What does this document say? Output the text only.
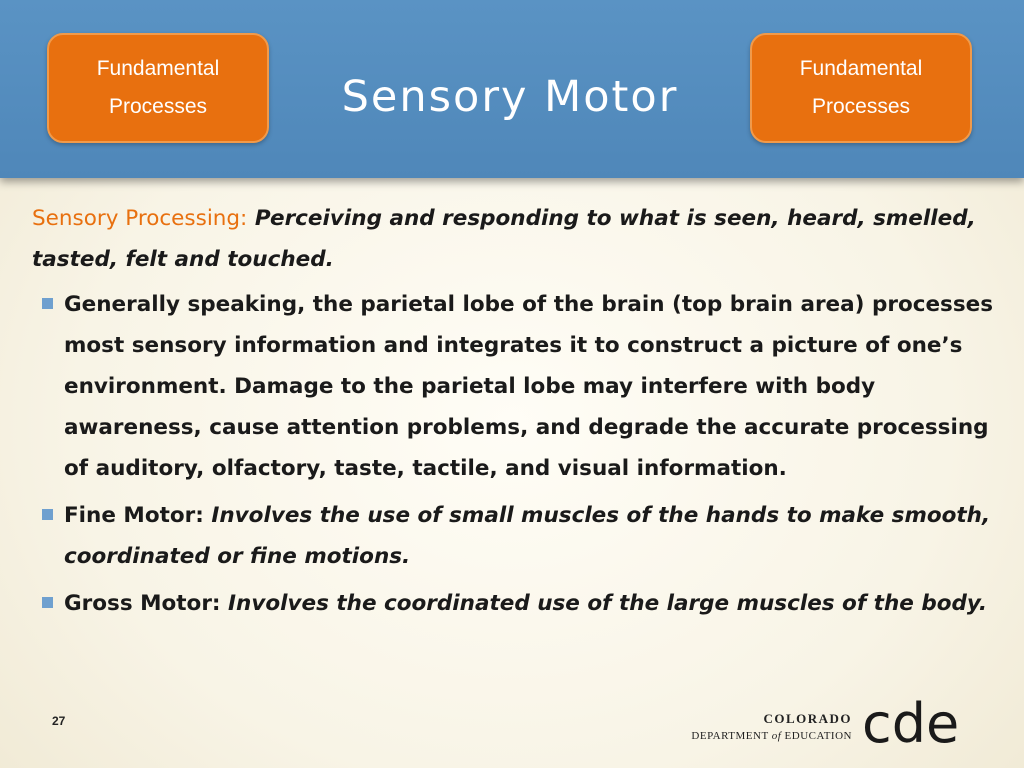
Fundamental
Processes	Sensory Motor
Fundamental
Processes

Sensory Processing: Perceiving and responding to what is seen, heard, smelled, tasted, felt and touched.

Generally speaking, the parietal lobe of the brain (top brain area) processes most sensory information and integrates it to construct a picture of one’s environment. Damage to the parietal lobe may interfere with body awareness, cause attention problems, and degrade the accurate processing of auditory, olfactory, taste, tactile, and visual information.
Fine Motor: Involves the use of small muscles of the hands to make smooth, coordinated or fine motions.
Gross Motor: Involves the coordinated use of the large muscles of the body.
27	COLORADO
DEPARTMENT of EDUCATION cde
